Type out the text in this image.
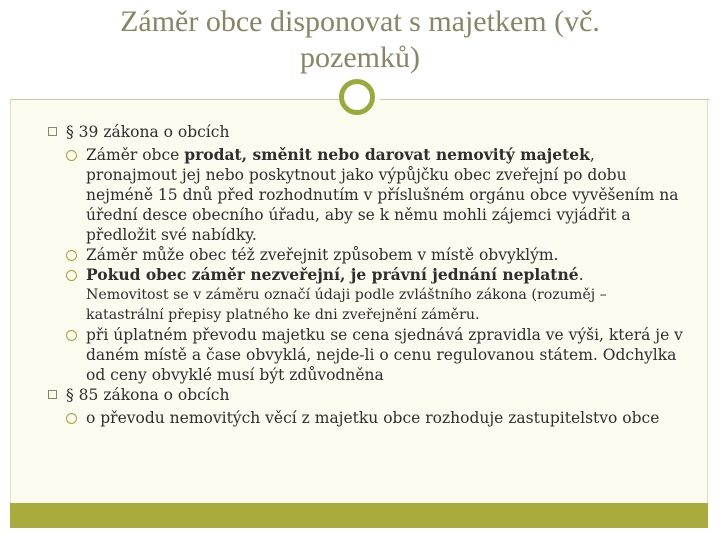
Záměr obce disponovat s majetkem (vč. pozemků)
§ 39 zákona o obcích
Záměr obce prodat, směnit nebo darovat nemovitý majetek, pronajmout jej nebo poskytnout jako výpůjčku obec zveřejní po dobu nejméně 15 dnů před rozhodnutím v příslušném orgánu obce vyvěšením na úřední desce obecního úřadu, aby se k němu mohli zájemci vyjádřit a předložit své nabídky.
Záměr může obec též zveřejnit způsobem v místě obvyklým.
Pokud obec záměr nezveřejní, je právní jednání neplatné.
Nemovitost se v záměru označí údaji podle zvláštního zákona (rozuměj – katastrální přepisy platného ke dni zveřejnění záměru.
při úplatném převodu majetku se cena sjednává zpravidla ve výši, která je v daném místě a čase obvyklá, nejde-li o cenu regulovanou státem. Odchylka od ceny obvyklé musí být zdůvodněna
§ 85 zákona o obcích
o převodu nemovitých věcí z majetku obce rozhoduje zastupitelstvo obce
